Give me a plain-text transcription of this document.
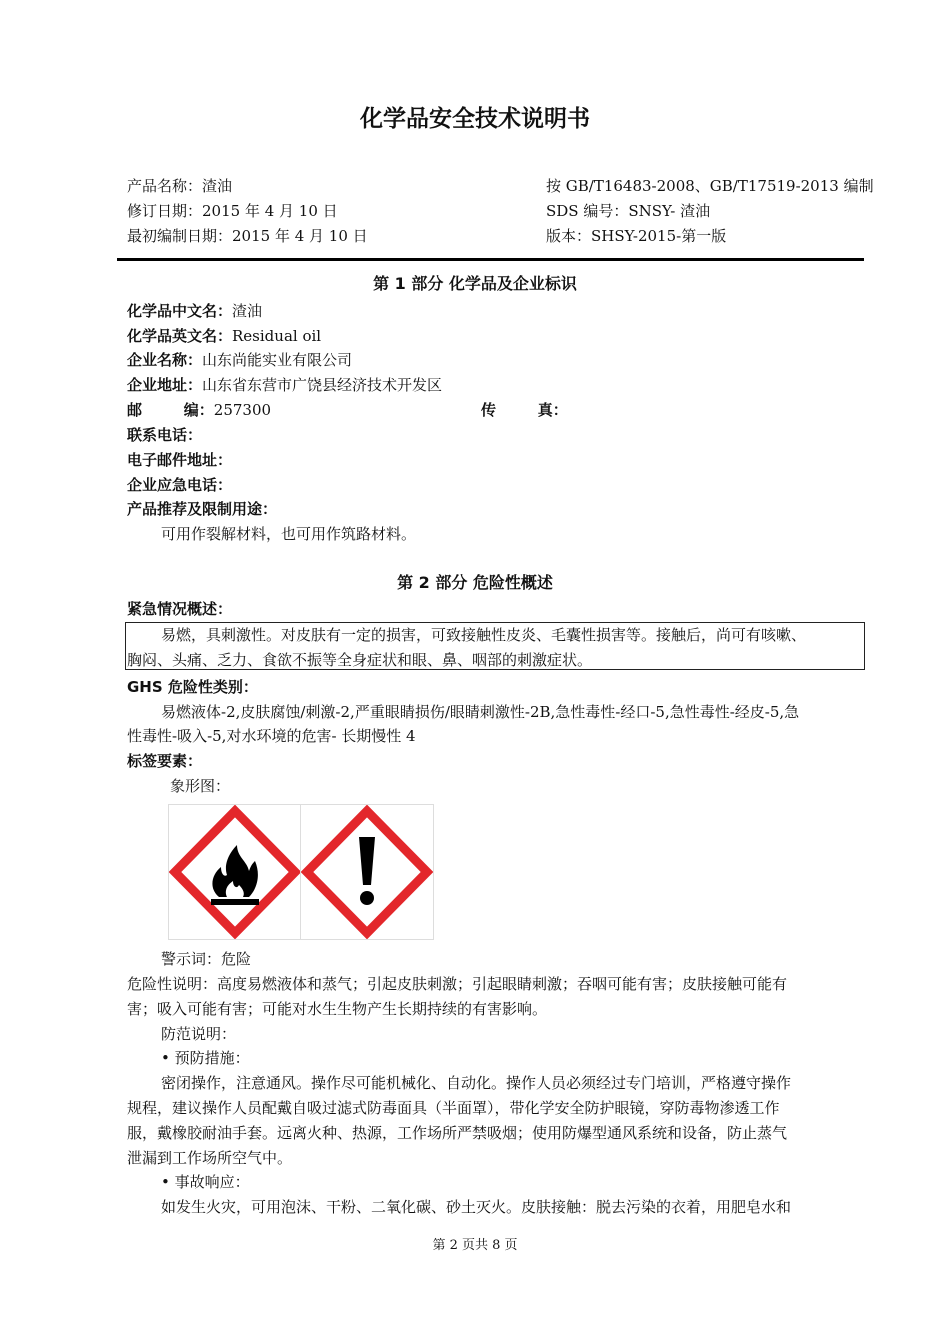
化学品安全技术说明书
产品名称：渣油
修订日期：2015 年 4 月 10 日
最初编制日期：2015 年 4 月 10 日
按 GB/T16483-2008、GB/T17519-2013 编制
SDS 编号：SNSY- 渣油
版本：SHSY-2015-第一版
第 1 部分 化学品及企业标识
化学品中文名：渣油
化学品英文名：Residual oil
企业名称：山东尚能实业有限公司
企业地址：山东省东营市广饶县经济技术开发区
邮        编：257300	传        真：
联系电话：
电子邮件地址：
企业应急电话：
产品推荐及限制用途：
可用作裂解材料，也可用作筑路材料。
第 2 部分 危险性概述
紧急情况概述：
易燃，具刺激性。对皮肤有一定的损害，可致接触性皮炎、毛囊性损害等。接触后，尚可有咳嗽、
胸闷、头痛、乏力、食欲不振等全身症状和眼、鼻、咽部的刺激症状。
GHS 危险性类别：
易燃液体-2,皮肤腐蚀/刺激-2,严重眼睛损伤/眼睛刺激性-2B,急性毒性-经口-5,急性毒性-经皮-5,急
性毒性-吸入-5,对水环境的危害- 长期慢性 4
标签要素：
象形图：
警示词：危险
危险性说明：高度易燃液体和蒸气；引起皮肤刺激；引起眼睛刺激；吞咽可能有害；皮肤接触可能有
害；吸入可能有害；可能对水生生物产生长期持续的有害影响。
防范说明：
• 预防措施：
密闭操作，注意通风。操作尽可能机械化、自动化。操作人员必须经过专门培训，严格遵守操作
规程，建议操作人员配戴自吸过滤式防毒面具（半面罩），带化学安全防护眼镜，穿防毒物渗透工作
服，戴橡胶耐油手套。远离火种、热源，工作场所严禁吸烟；使用防爆型通风系统和设备，防止蒸气
泄漏到工作场所空气中。
• 事故响应：
如发生火灾，可用泡沫、干粉、二氧化碳、砂土灭火。皮肤接触：脱去污染的衣着，用肥皂水和
第 2 页共 8 页
